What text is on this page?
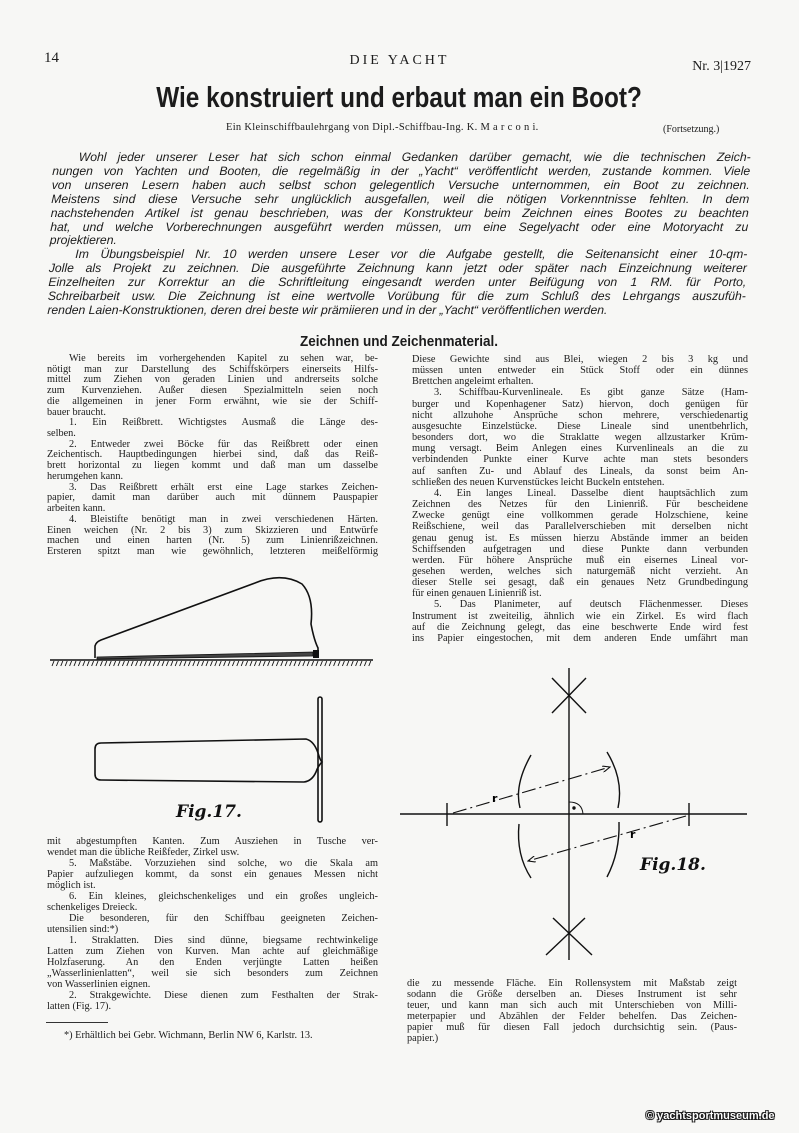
14	DIE YACHT	Nr. 3|1927
Wie konstruiert und erbaut man ein Boot?
Ein Kleinschiffbaulehrgang von Dipl.-Schiffbau-Ing. K. M a r c o n i.	(Fortsetzung.)
Wohl jeder unserer Leser hat sich schon einmal Gedanken darüber gemacht, wie die technischen Zeich-
nungen von Yachten und Booten, die regelmäßig in der „Yacht“ veröffentlicht werden, zustande kommen. Viele
von unseren Lesern haben auch selbst schon gelegentlich Versuche unternommen, ein Boot zu zeichnen.
Meistens sind diese Versuche sehr unglücklich ausgefallen, weil die nötigen Vorkenntnisse fehlten. In dem
nachstehenden Artikel ist genau beschrieben, was der Konstrukteur beim Zeichnen eines Bootes zu beachten
hat, und welche Vorberechnungen ausgeführt werden müssen, um eine Segelyacht oder eine Motoryacht zu
projektieren.
Im Übungsbeispiel Nr. 10 werden unsere Leser vor die Aufgabe gestellt, die Seitenansicht einer 10-qm-
Jolle als Projekt zu zeichnen. Die ausgeführte Zeichnung kann jetzt oder später nach Einzeichnung weiterer
Einzelheiten zur Korrektur an die Schriftleitung eingesandt werden unter Beifügung von 1 RM. für Porto,
Schreibarbeit usw. Die Zeichnung ist eine wertvolle Vorübung für die zum Schluß des Lehrgangs auszufüh-
renden Laien-Konstruktionen, deren drei beste wir prämiieren und in der „Yacht“ veröffentlichen werden.
Zeichnen und Zeichenmaterial.
Wie bereits im vorhergehenden Kapitel zu sehen war, be-
nötigt man zur Darstellung des Schiffskörpers einerseits Hilfs-
mittel zum Ziehen von geraden Linien und andrerseits solche
zum Kurvenziehen. Außer diesen Spezialmitteln seien noch
die allgemeinen in jener Form erwähnt, wie sie der Schiff-
bauer braucht.
1. Ein Reißbrett. Wichtigstes Ausmaß die Länge des-
selben.
2. Entweder zwei Böcke für das Reißbrett oder einen
Zeichentisch. Hauptbedingungen hierbei sind, daß das Reiß-
brett horizontal zu liegen kommt und daß man um dasselbe
herumgehen kann.
3. Das Reißbrett erhält erst eine Lage starkes Zeichen-
papier, damit man darüber auch mit dünnem Pauspapier
arbeiten kann.
4. Bleistifte benötigt man in zwei verschiedenen Härten.
Einen weichen (Nr. 2 bis 3) zum Skizzieren und Entwürfe
machen und einen harten (Nr. 5) zum Linienrißzeichnen.
Ersteren spitzt man wie gewöhnlich, letzteren meißelförmig
mit abgestumpften Kanten. Zum Ausziehen in Tusche ver-
wendet man die übliche Reißfeder, Zirkel usw.
5. Maßstäbe. Vorzuziehen sind solche, wo die Skala am
Papier aufzuliegen kommt, da sonst ein genaues Messen nicht
möglich ist.
6. Ein kleines, gleichschenkeliges und ein großes ungleich-
schenkeliges Dreieck.
Die besonderen, für den Schiffbau geeigneten Zeichen-
utensilien sind:*)
1. Straklatten. Dies sind dünne, biegsame rechtwinkelige
Latten zum Ziehen von Kurven. Man achte auf gleichmäßige
Holzfaserung. An den Enden verjüngte Latten heißen
„Wasserlinienlatten“, weil sie sich besonders zum Zeichnen
von Wasserlinien eignen.
2. Strakgewichte. Diese dienen zum Festhalten der Strak-
latten (Fig. 17).
Diese Gewichte sind aus Blei, wiegen 2 bis 3 kg und
müssen unten entweder ein Stück Stoff oder ein dünnes
Brettchen angeleimt erhalten.
3. Schiffbau-Kurvenlineale. Es gibt ganze Sätze (Ham-
burger und Kopenhagener Satz) hiervon, doch genügen für
nicht allzuhohe Ansprüche schon mehrere, verschiedenartig
ausgesuchte Einzelstücke. Diese Lineale sind unentbehrlich,
besonders dort, wo die Straklatte wegen allzustarker Krüm-
mung versagt. Beim Anlegen eines Kurvenlineals an die zu
verbindenden Punkte einer Kurve achte man stets besonders
auf sanften Zu- und Ablauf des Lineals, da sonst beim An-
schließen des neuen Kurvenstückes leicht Buckeln entstehen.
4. Ein langes Lineal. Dasselbe dient hauptsächlich zum
Zeichnen des Netzes für den Linienriß. Für bescheidene
Zwecke genügt eine vollkommen gerade Holzschiene, keine
Reißschiene, weil das Parallelverschieben mit derselben nicht
genau genug ist. Es müssen hierzu Abstände immer an beiden
Schiffsenden aufgetragen und diese Punkte dann verbunden
werden. Für höhere Ansprüche muß ein eisernes Lineal vor-
gesehen werden, welches sich naturgemäß nicht verzieht. An
dieser Stelle sei gesagt, daß ein genaues Netz Grundbedingung
für einen genauen Linienriß ist.
5. Das Planimeter, auf deutsch Flächenmesser. Dieses
Instrument ist zweiteilig, ähnlich wie ein Zirkel. Es wird flach
auf die Zeichnung gelegt, das eine beschwerte Ende wird fest
ins Papier eingestochen, mit dem anderen Ende umfährt man
die zu messende Fläche. Ein Rollensystem mit Maßstab zeigt
sodann die Größe derselben an. Dieses Instrument ist sehr
teuer, und kann man sich auch mit Unterschieben von Milli-
meterpapier und Abzählen der Felder behelfen. Das Zeichen-
papier muß für diesen Fall jedoch durchsichtig sein. (Paus-
papier.)
*) Erhältlich bei Gebr. Wichmann, Berlin NW 6, Karlstr. 13.
Fig.17.
r
r
Fig.18.
© yachtsportmuseum.de
